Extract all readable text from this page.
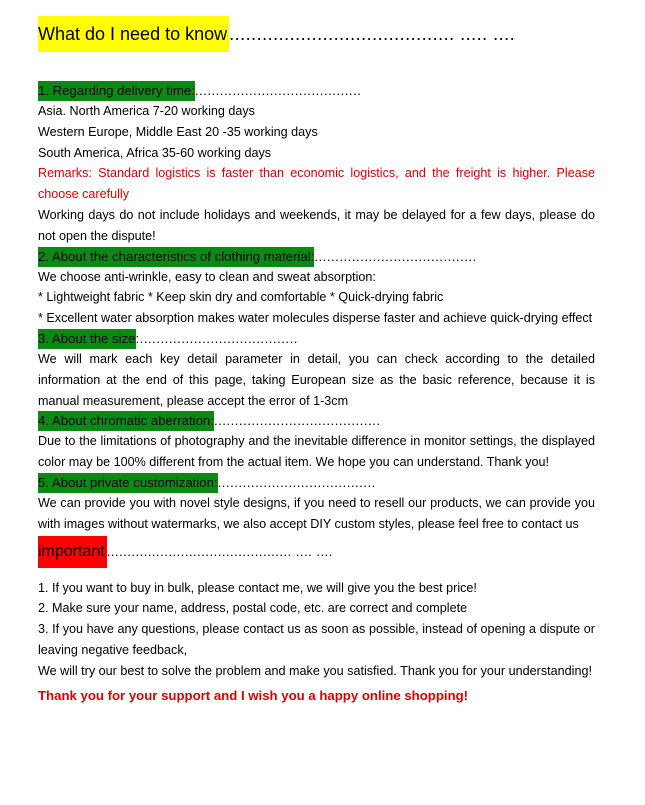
What do I need to know ......................................... ..... ....
1. Regarding delivery time:........................................

Asia. North America 7-20 working days

Western Europe, Middle East 20 -35 working days

South America, Africa 35-60 working days

Remarks: Standard logistics is faster than economic logistics, and the freight is higher. Please choose carefully

Working days do not include holidays and weekends, it may be delayed for a few days, please do not open the dispute!

2. About the characteristics of clothing material:.......................................

We choose anti-wrinkle, easy to clean and sweat absorption:

* Lightweight fabric * Keep skin dry and comfortable * Quick-drying fabric

* Excellent water absorption makes water molecules disperse faster and achieve quick-drying effect

3. About the size:......................................

We will mark each key detail parameter in detail, you can check according to the detailed information at the end of this page, taking European size as the basic reference, because it is manual measurement, please accept the error of 1-3cm

4. About chromatic aberration:........................................

Due to the limitations of photography and the inevitable difference in monitor settings, the displayed color may be 100% different from the actual item. We hope you can understand. Thank you!

5. About private customization:......................................

We can provide you with novel style designs, if you need to resell our products, we can provide you with images without watermarks, we also accept DIY custom styles, please feel free to contact us

important ............................................. .... ....

1. If you want to buy in bulk, please contact me, we will give you the best price!

2. Make sure your name, address, postal code, etc. are correct and complete

3. If you have any questions, please contact us as soon as possible, instead of opening a dispute or leaving negative feedback,

We will try our best to solve the problem and make you satisfied. Thank you for your understanding!

Thank you for your support and I wish you a happy online shopping!
